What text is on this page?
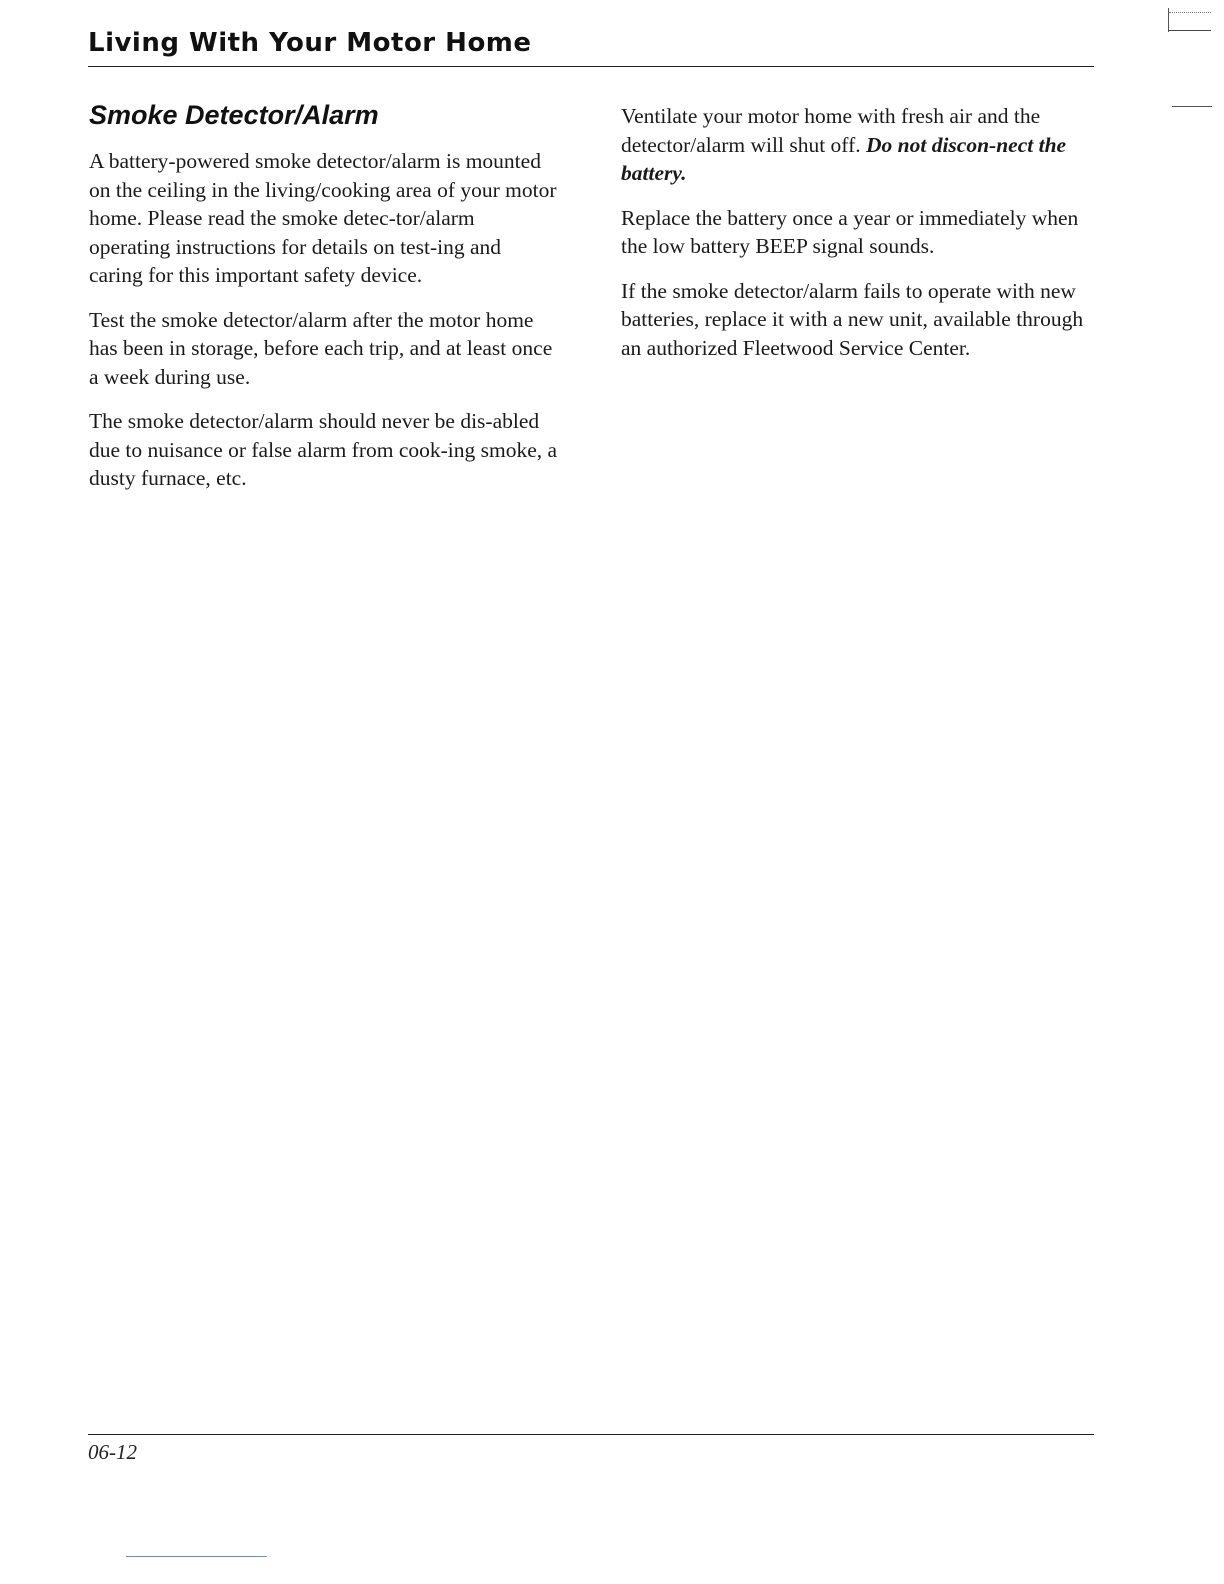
Living With Your Motor Home
Smoke Detector/Alarm

A battery-powered smoke detector/alarm is mounted on the ceiling in the living/cooking area of your motor home. Please read the smoke detec-tor/alarm operating instructions for details on test-ing and caring for this important safety device.

Test the smoke detector/alarm after the motor home has been in storage, before each trip, and at least once a week during use.

The smoke detector/alarm should never be dis-abled due to nuisance or false alarm from cook-ing smoke, a dusty furnace, etc.

Ventilate your motor home with fresh air and the detector/alarm will shut off. Do not discon-nect the battery.

Replace the battery once a year or immediately when the low battery BEEP signal sounds.

If the smoke detector/alarm fails to operate with new batteries, replace it with a new unit, available through an authorized Fleetwood Service Center.

06-12
